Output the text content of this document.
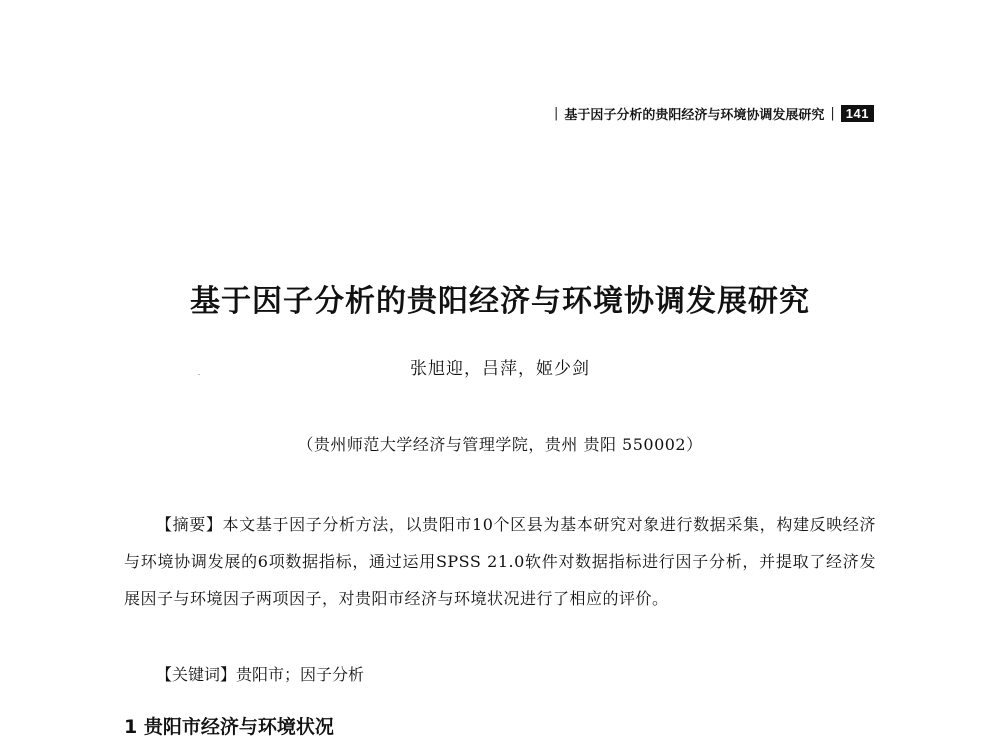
| 基于因子分析的贵阳经济与环境协调发展研究 | 141
基于因子分析的贵阳经济与环境协调发展研究
张旭迎，吕萍，姬少剑
（贵州师范大学经济与管理学院，贵州 贵阳 550002）

【摘要】本文基于因子分析方法，以贵阳市10个区县为基本研究对象进行数据采集，构建反映经济与环境协调发展的6项数据指标，通过运用SPSS 21.0软件对数据指标进行因子分析，并提取了经济发展因子与环境因子两项因子，对贵阳市经济与环境状况进行了相应的评价。

【关键词】贵阳市；因子分析

1 贵阳市经济与环境状况
